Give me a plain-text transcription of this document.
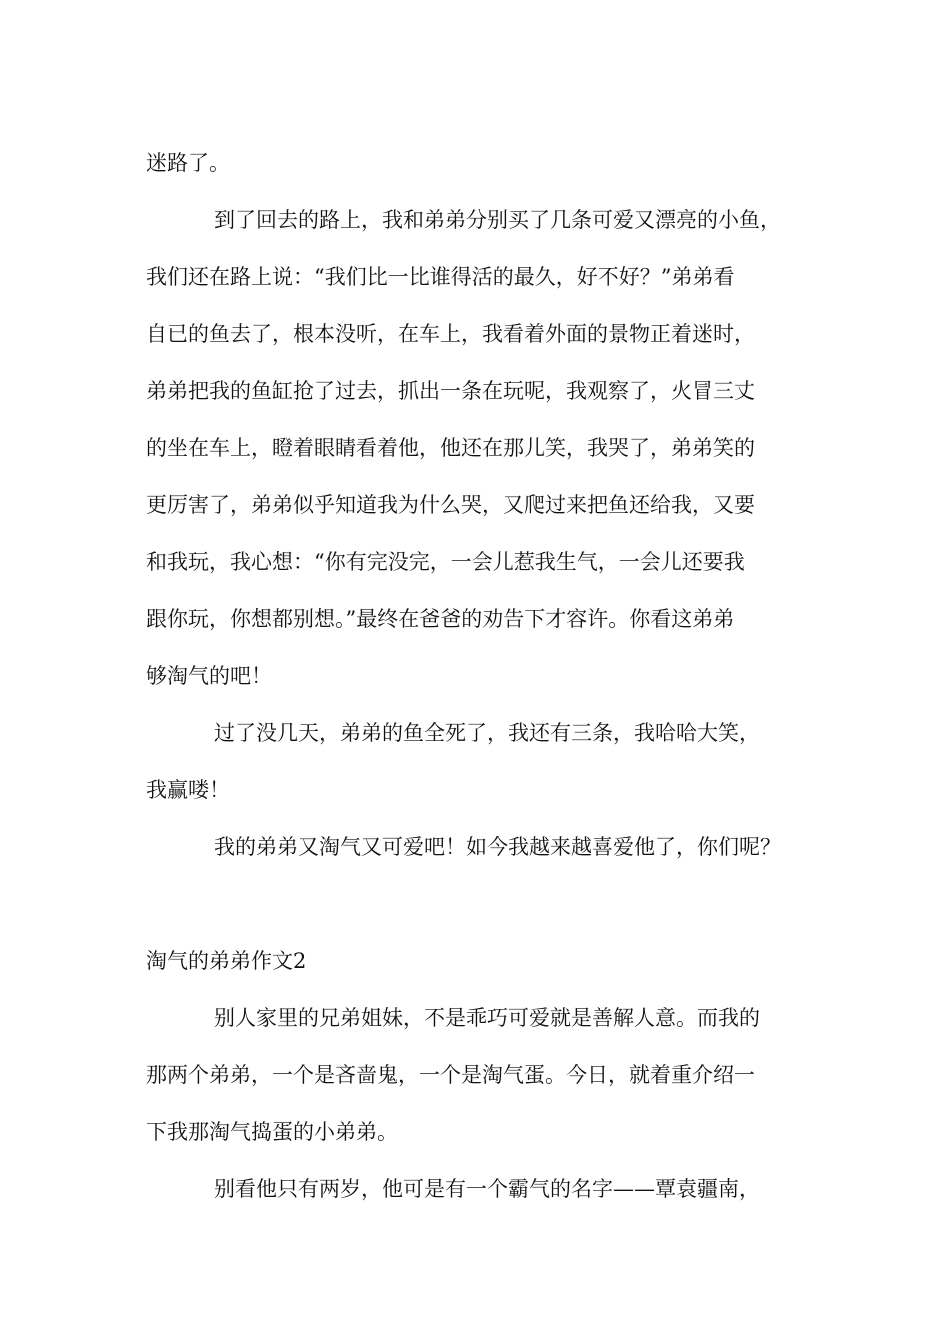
迷路了。

到了回去的路上，我和弟弟分别买了几条可爱又漂亮的小鱼，
我们还在路上说：“我们比一比谁得活的最久，好不好？”弟弟看
自已的鱼去了，根本没听，在车上，我看着外面的景物正着迷时，
弟弟把我的鱼缸抢了过去，抓出一条在玩呢，我观察了，火冒三丈
的坐在车上，瞪着眼睛看着他，他还在那儿笑，我哭了，弟弟笑的
更厉害了，弟弟似乎知道我为什么哭，又爬过来把鱼还给我，又要
和我玩，我心想：“你有完没完，一会儿惹我生气，一会儿还要我
跟你玩，你想都别想。”最终在爸爸的劝告下才容许。你看这弟弟
够淘气的吧！

过了没几天，弟弟的鱼全死了，我还有三条，我哈哈大笑，
我赢喽！

我的弟弟又淘气又可爱吧！如今我越来越喜爱他了，你们呢？

淘气的弟弟作文2

别人家里的兄弟姐妹，不是乖巧可爱就是善解人意。而我的
那两个弟弟，一个是吝啬鬼，一个是淘气蛋。今日，就着重介绍一
下我那淘气捣蛋的小弟弟。

别看他只有两岁，他可是有一个霸气的名字——覃袁疆南，
